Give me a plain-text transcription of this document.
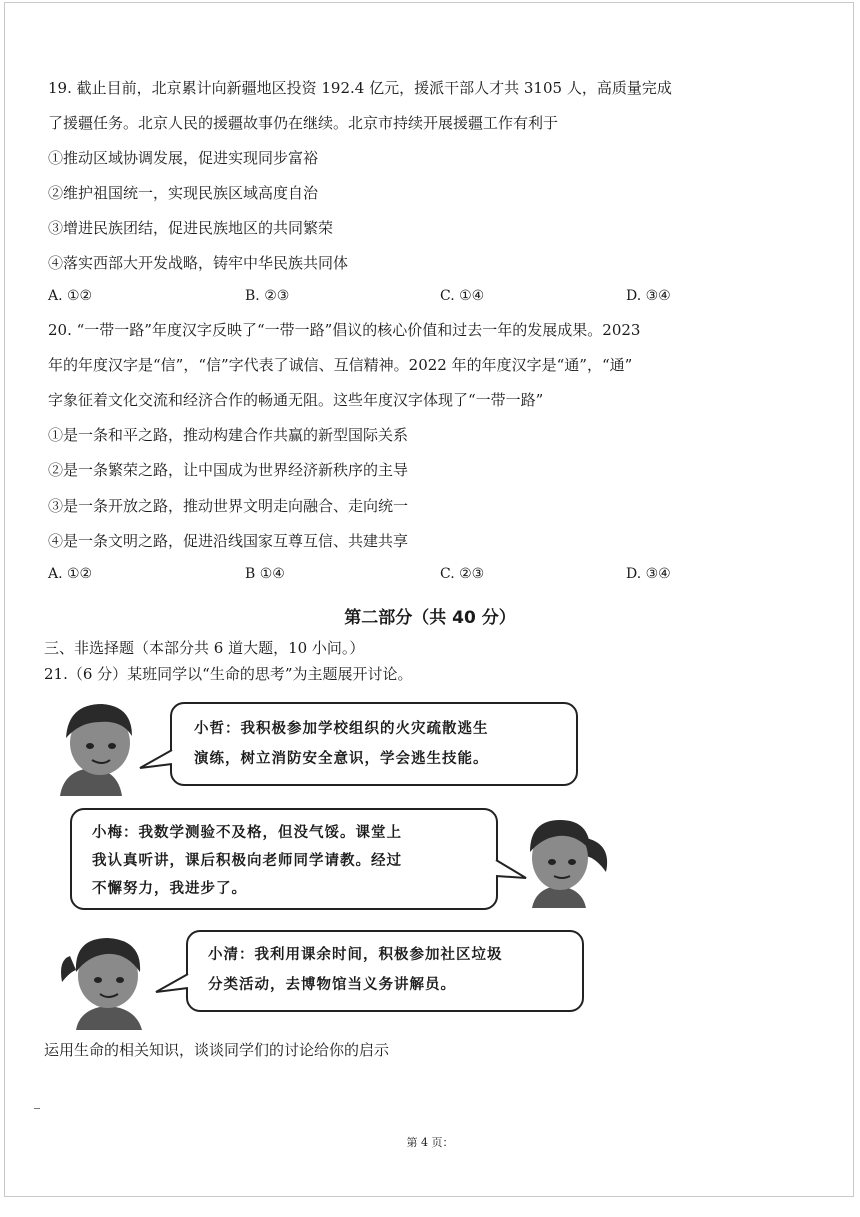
19. 截止目前，北京累计向新疆地区投资 192.4 亿元，援派干部人才共 3105 人，高质量完成
了援疆任务。北京人民的援疆故事仍在继续。北京市持续开展援疆工作有利于
①推动区域协调发展，促进实现同步富裕
②维护祖国统一，实现民族区域高度自治
③增进民族团结，促进民族地区的共同繁荣
④落实西部大开发战略，铸牢中华民族共同体
A. ①②	B. ②③	C. ①④	D. ③④
20. “一带一路”年度汉字反映了“一带一路”倡议的核心价值和过去一年的发展成果。2023
年的年度汉字是“信”，“信”字代表了诚信、互信精神。2022 年的年度汉字是“通”，“通”
字象征着文化交流和经济合作的畅通无阻。这些年度汉字体现了“一带一路”
①是一条和平之路，推动构建合作共赢的新型国际关系
②是一条繁荣之路，让中国成为世界经济新秩序的主导
③是一条开放之路，推动世界文明走向融合、走向统一
④是一条文明之路，促进沿线国家互尊互信、共建共享
A. ①②	B ①④	C. ②③	D. ③④
第二部分（共 40 分）
三、非选择题（本部分共 6 道大题，10 小问。）
21.（6 分）某班同学以“生命的思考”为主题展开讨论。
小哲：我积极参加学校组织的火灾疏散逃生
演练，树立消防安全意识，学会逃生技能。
小梅：我数学测验不及格，但没气馁。课堂上
我认真听讲，课后积极向老师同学请教。经过
不懈努力，我进步了。
小清：我利用课余时间，积极参加社区垃圾
分类活动，去博物馆当义务讲解员。
运用生命的相关知识，谈谈同学们的讨论给你的启示
第 4 页：
